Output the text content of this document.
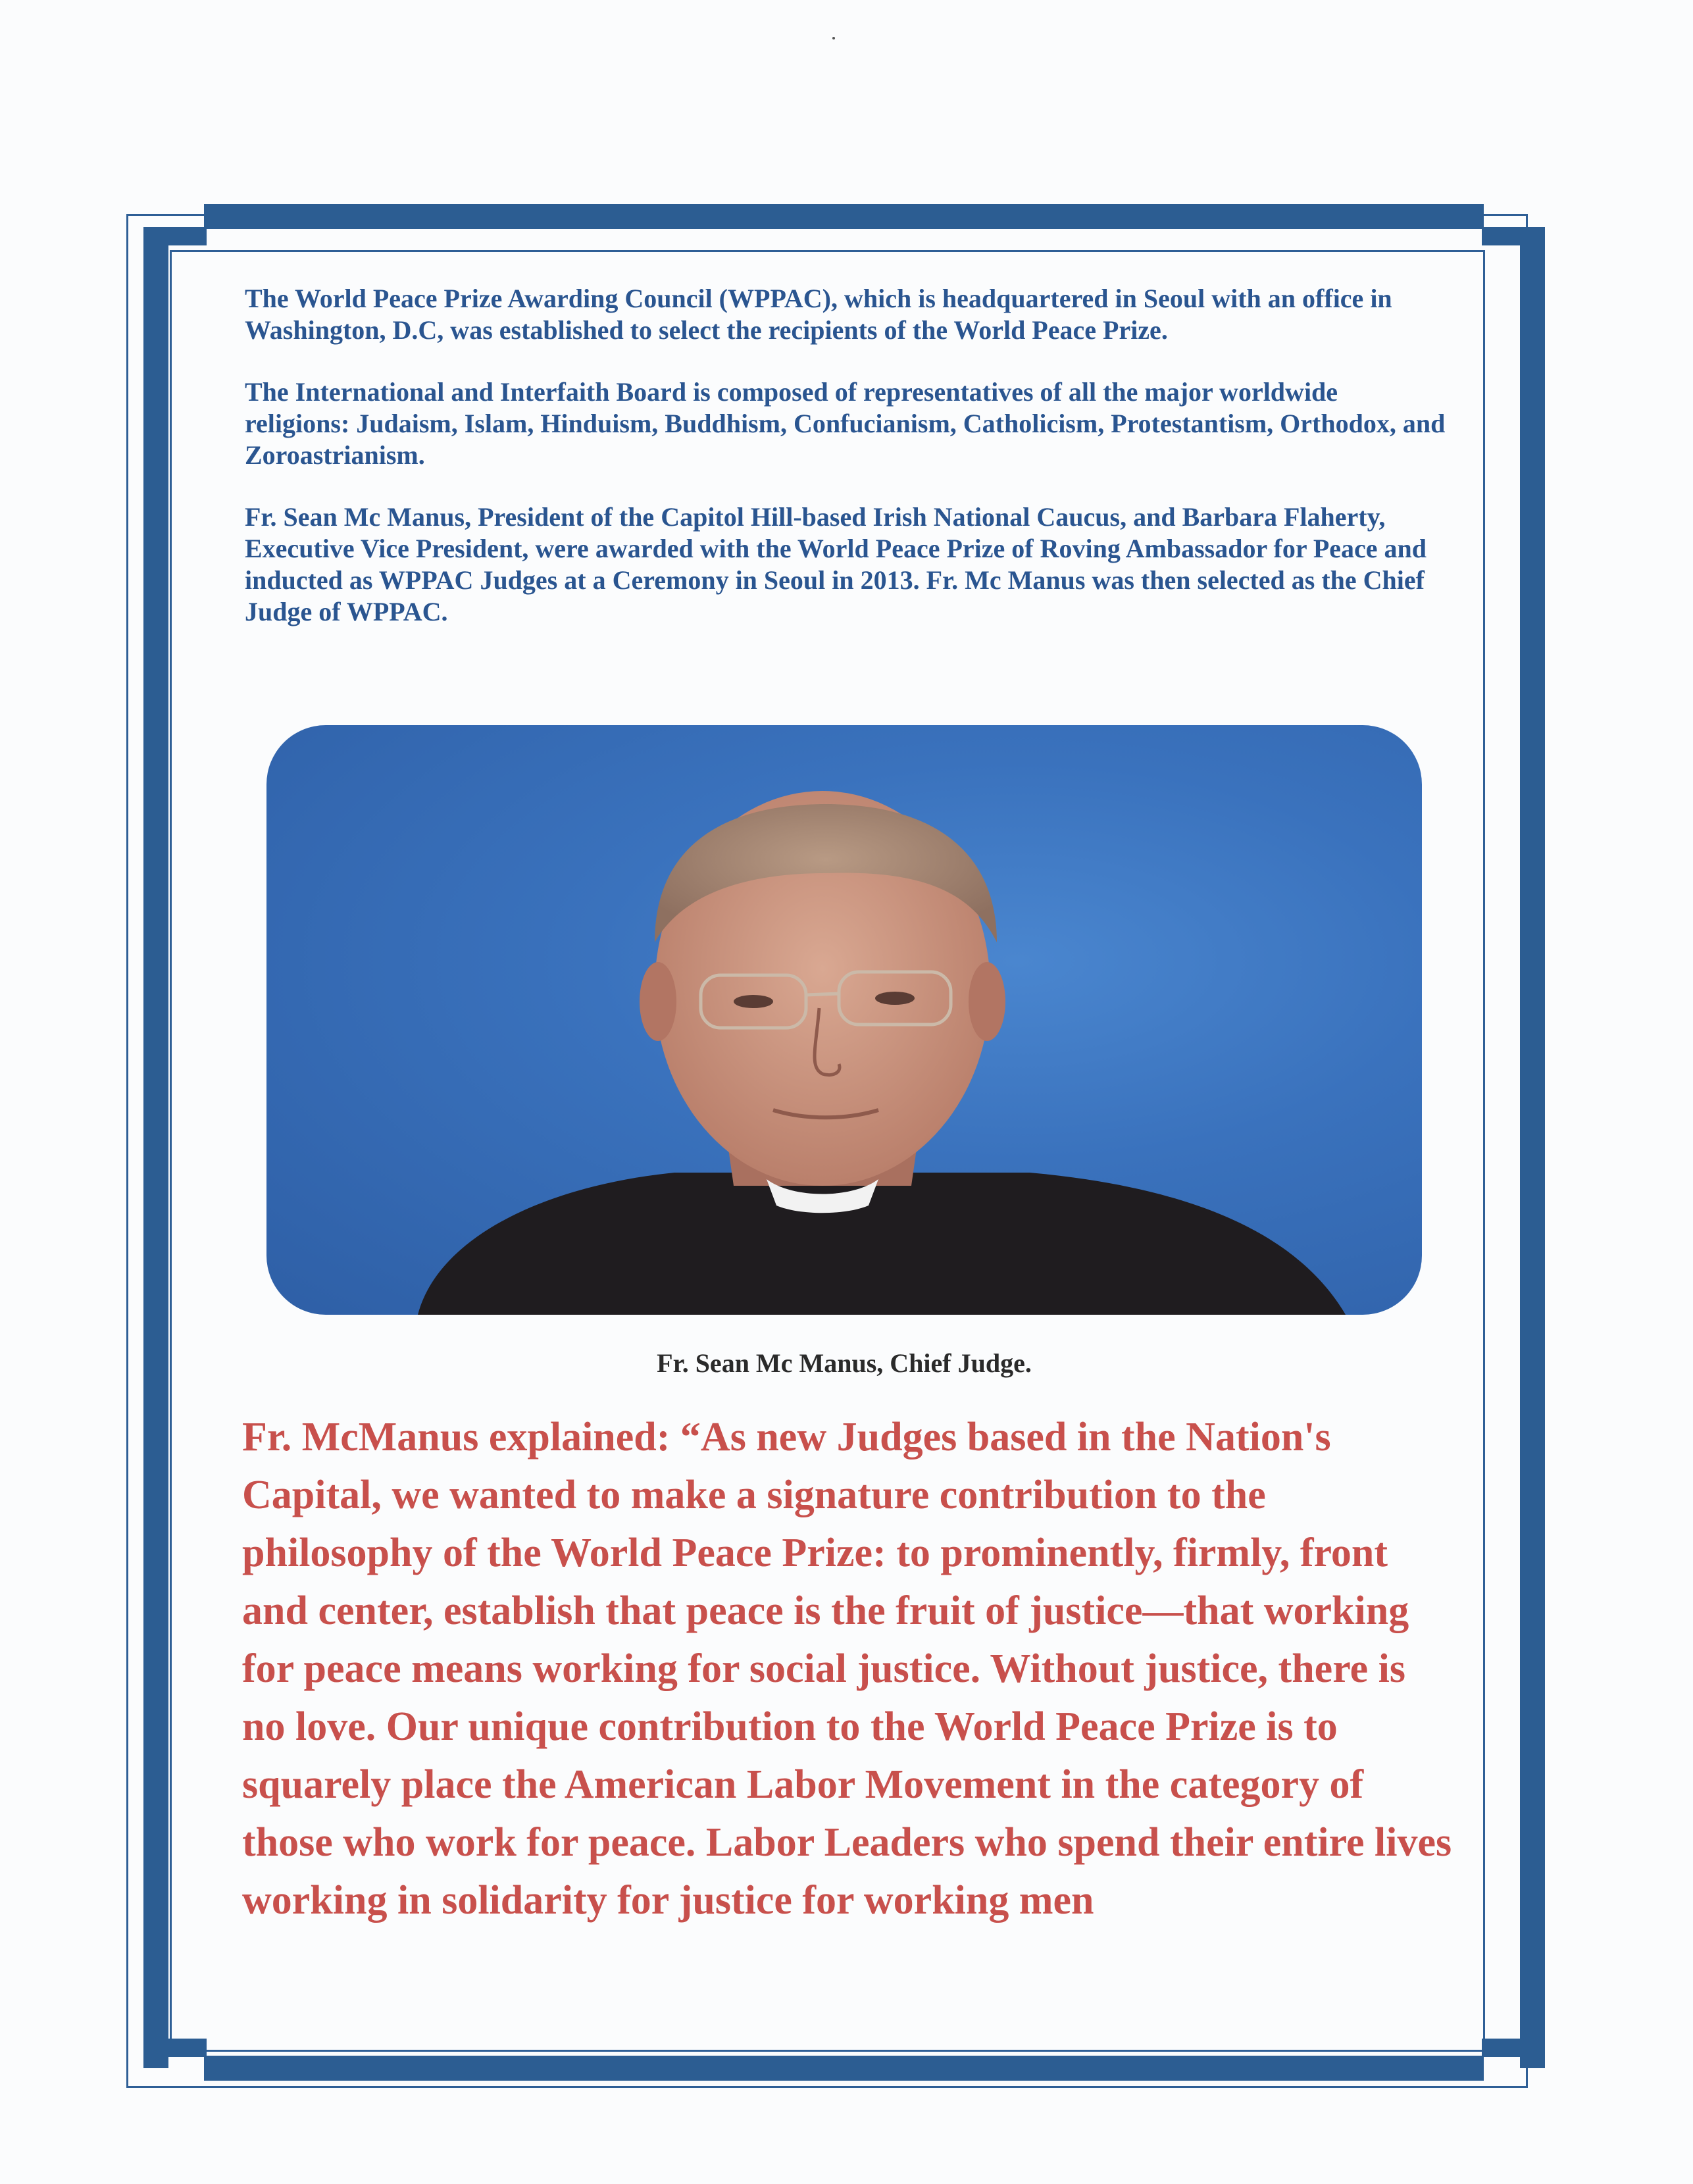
The World Peace Prize Awarding Council (WPPAC), which is headquartered in Seoul with an office in Washington, D.C, was established to select the recipients of the World Peace Prize.

The International and Interfaith Board is composed of representatives of all the major worldwide religions: Judaism, Islam, Hinduism, Buddhism, Confucianism, Catholicism, Protestantism, Orthodox, and Zoroastrianism.

Fr. Sean Mc Manus, President of the Capitol Hill-based Irish National Caucus, and Barbara Flaherty, Executive Vice President, were awarded with the World Peace Prize of Roving Ambassador for Peace and inducted as WPPAC Judges at a Ceremony in Seoul in 2013. Fr. Mc Manus was then selected as the Chief Judge of WPPAC.

Fr. Sean Mc Manus, Chief Judge.
Fr. McManus explained: “As new Judges based in the Nation's Capital, we wanted to make a signature contribution to the philosophy of the World Peace Prize: to prominently, firmly, front and center, establish that peace is the fruit of justice—that working for peace means working for social justice. Without justice, there is no love. Our unique contribution to the World Peace Prize is to squarely place the American Labor Movement in the category of those who work for peace. Labor Leaders who spend their entire lives working in solidarity for justice for working men
